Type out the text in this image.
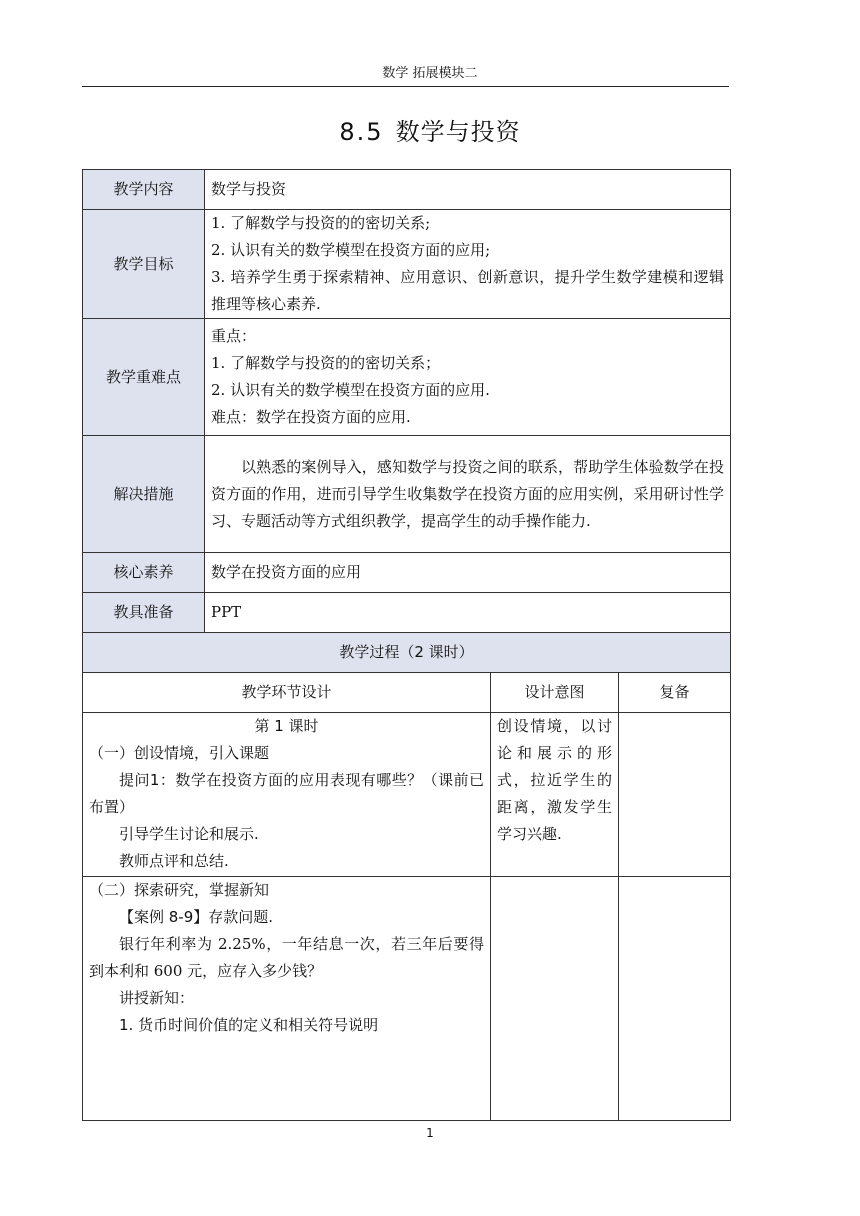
数学 拓展模块二
8.5 数学与投资
教学内容	数学与投资		
教学目标	1. 了解数学与投资的的密切关系;

2. 认识有关的数学模型在投资方面的应用;

3. 培养学生勇于探索精神、应用意识、创新意识，提升学生数学建模和逻辑推理等核心素养.		

教学重难点	重点：

1. 了解数学与投资的的密切关系；

2. 认识有关的数学模型在投资方面的应用.

难点：数学在投资方面的应用.		

解决措施	以熟悉的案例导入，感知数学与投资之间的联系，帮助学生体验数学在投资方面的作用，进而引导学生收集数学在投资方面的应用实例，采用研讨性学习、专题活动等方式组织教学，提高学生的动手操作能力.		

核心素养	数学在投资方面的应用		
教具准备	PPT		
教学过程（2 课时）			
教学环节设计		设计意图	复备

第 1 课时

（一）创设情境，引入课题

提问1：数学在投资方面的应用表现有哪些？（课前已布置）

引导学生讨论和展示.

教师点评和总结.		创设情境，以讨论和展示的形式，拉近学生的距离，激发学生学习兴趣.	

（二）探索研究，掌握新知

【案例 8-9】存款问题.

银行年利率为 2.25%，一年结息一次，若三年后要得到本利和 600 元，应存入多少钱？

讲授新知：

1. 货币时间价值的定义和相关符号说明			

1
